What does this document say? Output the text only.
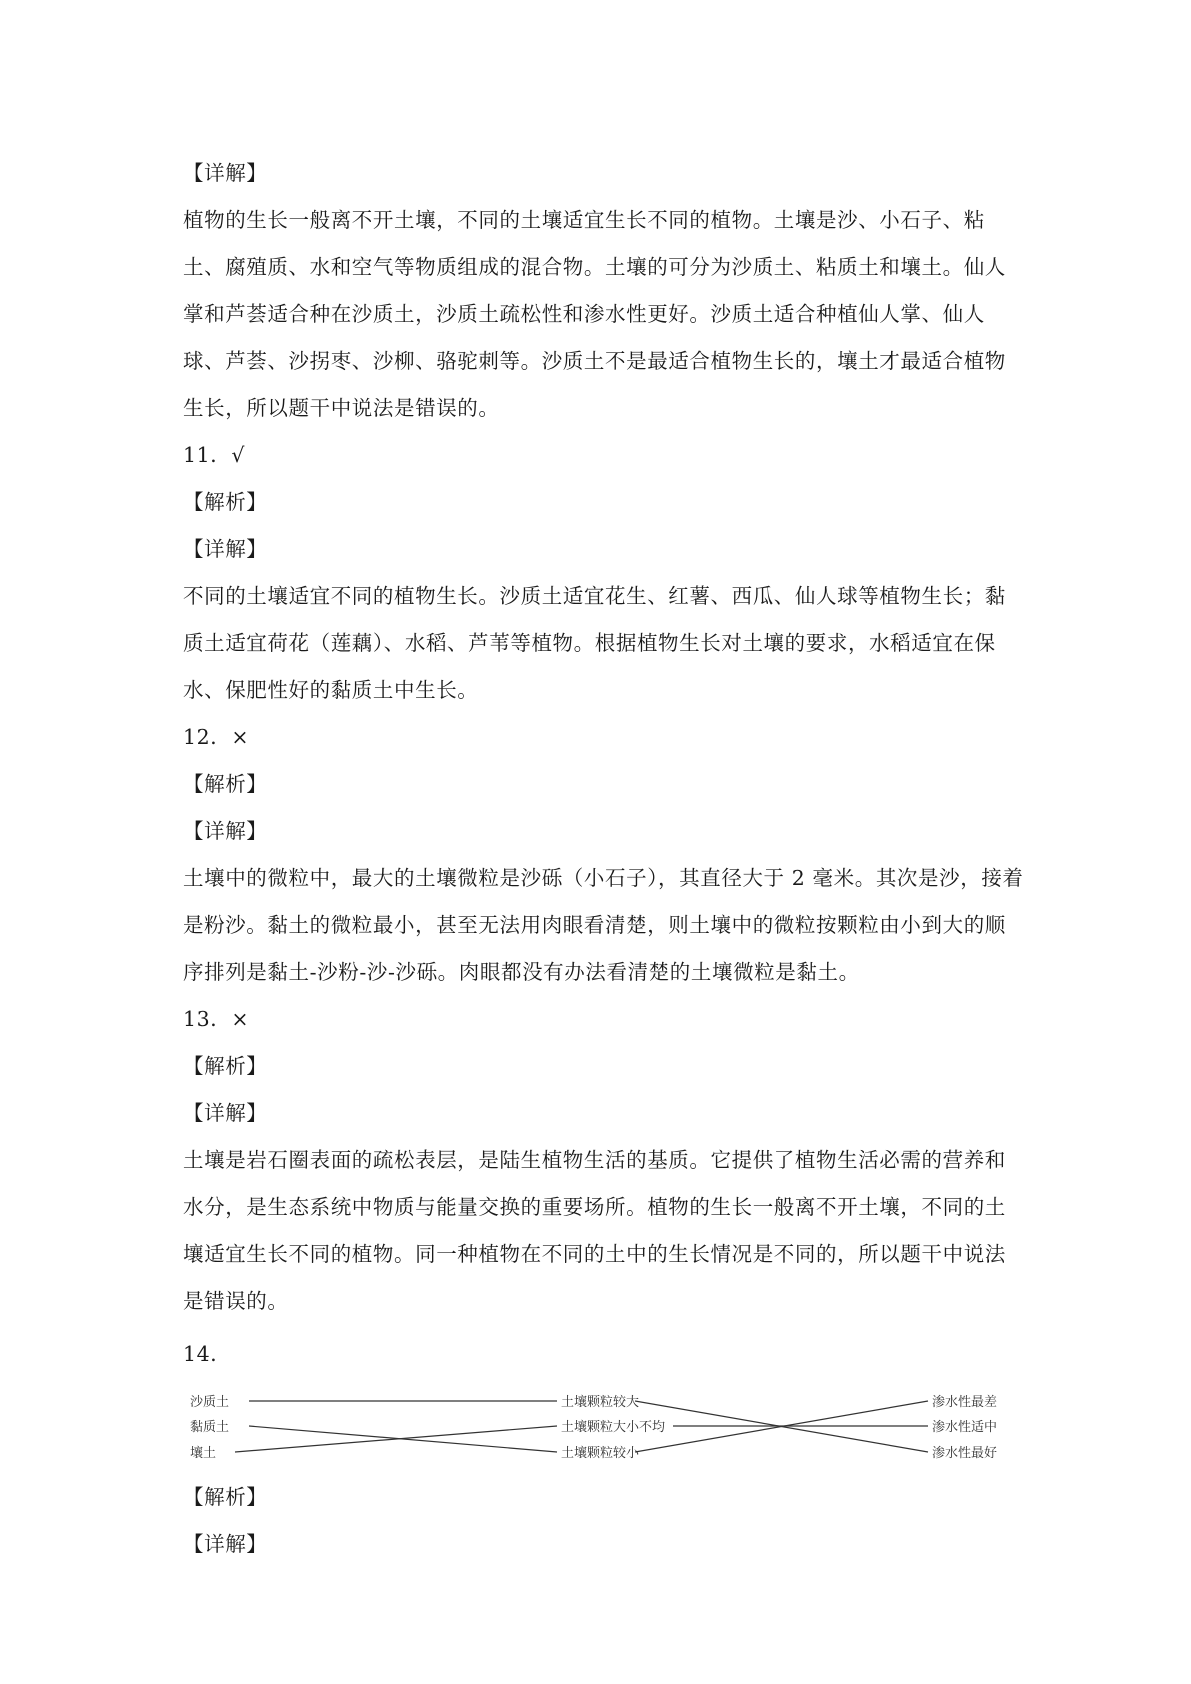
【详解】
植物的生长一般离不开土壤，不同的土壤适宜生长不同的植物。土壤是沙、小石子、粘
土、腐殖质、水和空气等物质组成的混合物。土壤的可分为沙质土、粘质土和壤土。仙人
掌和芦荟适合种在沙质土，沙质土疏松性和渗水性更好。沙质土适合种植仙人掌、仙人
球、芦荟、沙拐枣、沙柳、骆驼刺等。沙质土不是最适合植物生长的，壤土才最适合植物
生长，所以题干中说法是错误的。
11．√
【解析】
【详解】
不同的土壤适宜不同的植物生长。沙质土适宜花生、红薯、西瓜、仙人球等植物生长；黏
质土适宜荷花（莲藕）、水稻、芦苇等植物。根据植物生长对土壤的要求，水稻适宜在保
水、保肥性好的黏质土中生长。
12．×
【解析】
【详解】
土壤中的微粒中，最大的土壤微粒是沙砾（小石子），其直径大于 2 毫米。其次是沙，接着
是粉沙。黏土的微粒最小，甚至无法用肉眼看清楚，则土壤中的微粒按颗粒由小到大的顺
序排列是黏土-沙粉-沙-沙砾。肉眼都没有办法看清楚的土壤微粒是黏土。
13．×
【解析】
【详解】
土壤是岩石圈表面的疏松表层，是陆生植物生活的基质。它提供了植物生活必需的营养和
水分，是生态系统中物质与能量交换的重要场所。植物的生长一般离不开土壤，不同的土
壤适宜生长不同的植物。同一种植物在不同的土中的生长情况是不同的，所以题干中说法
是错误的。
14．
沙质土
黏质土
壤土
土壤颗粒较大
土壤颗粒大小不均
土壤颗粒较小
渗水性最差
渗水性适中
渗水性最好
【解析】
【详解】
